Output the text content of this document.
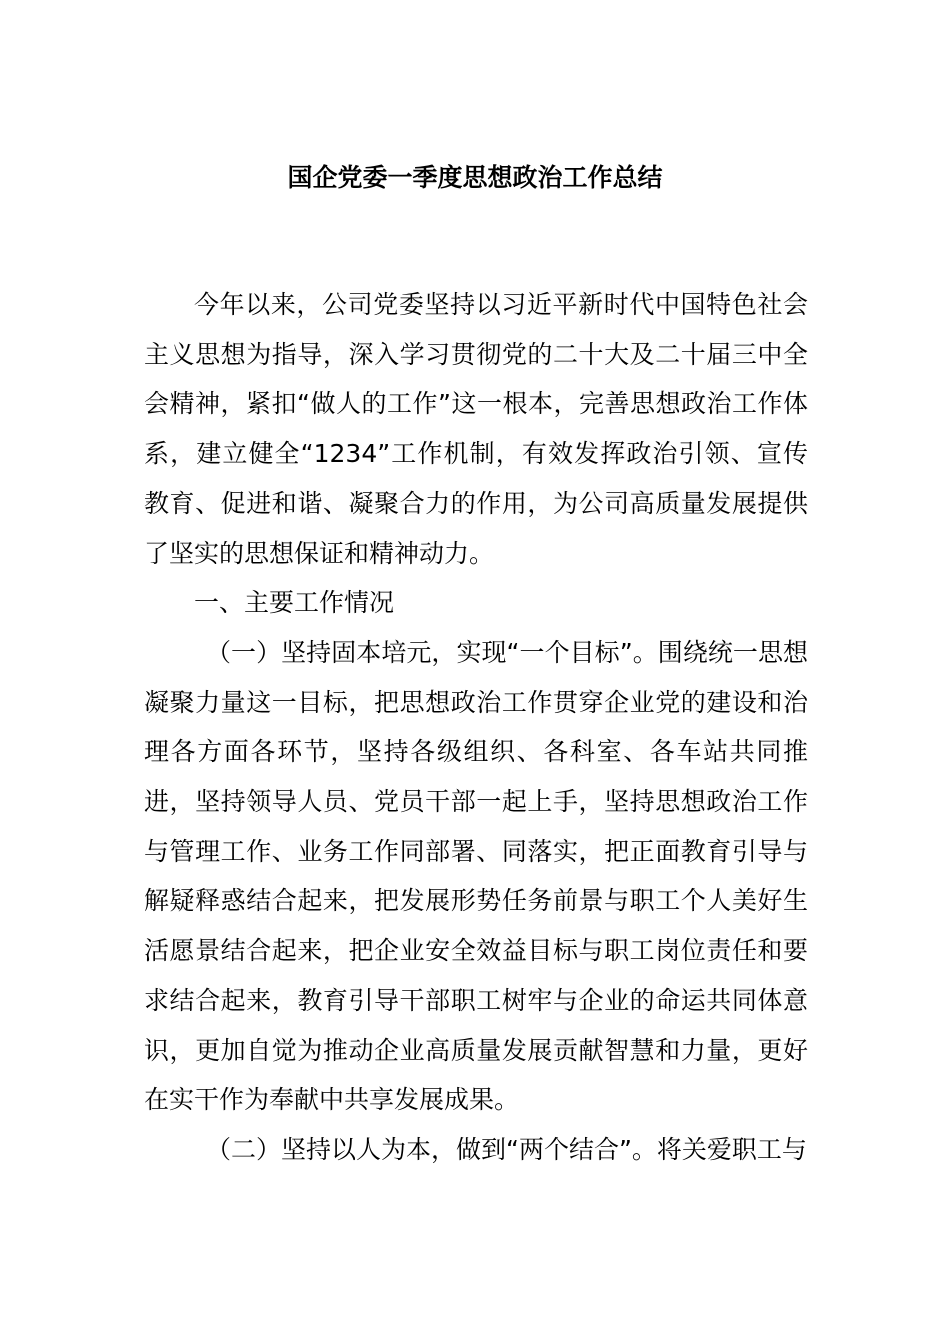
国企党委一季度思想政治工作总结

今年以来，公司党委坚持以习近平新时代中国特色社会主义思想为指导，深入学习贯彻党的二十大及二十届三中全会精神，紧扣“做人的工作”这一根本，完善思想政治工作体系，建立健全“1234”工作机制，有效发挥政治引领、宣传教育、促进和谐、凝聚合力的作用，为公司高质量发展提供了坚实的思想保证和精神动力。

一、主要工作情况

（一）坚持固本培元，实现“一个目标”。围绕统一思想凝聚力量这一目标，把思想政治工作贯穿企业党的建设和治理各方面各环节，坚持各级组织、各科室、各车站共同推进，坚持领导人员、党员干部一起上手，坚持思想政治工作与管理工作、业务工作同部署、同落实，把正面教育引导与解疑释惑结合起来，把发展形势任务前景与职工个人美好生活愿景结合起来，把企业安全效益目标与职工岗位责任和要求结合起来，教育引导干部职工树牢与企业的命运共同体意识，更加自觉为推动企业高质量发展贡献智慧和力量，更好在实干作为奉献中共享发展成果。

（二）坚持以人为本，做到“两个结合”。将关爱职工与
